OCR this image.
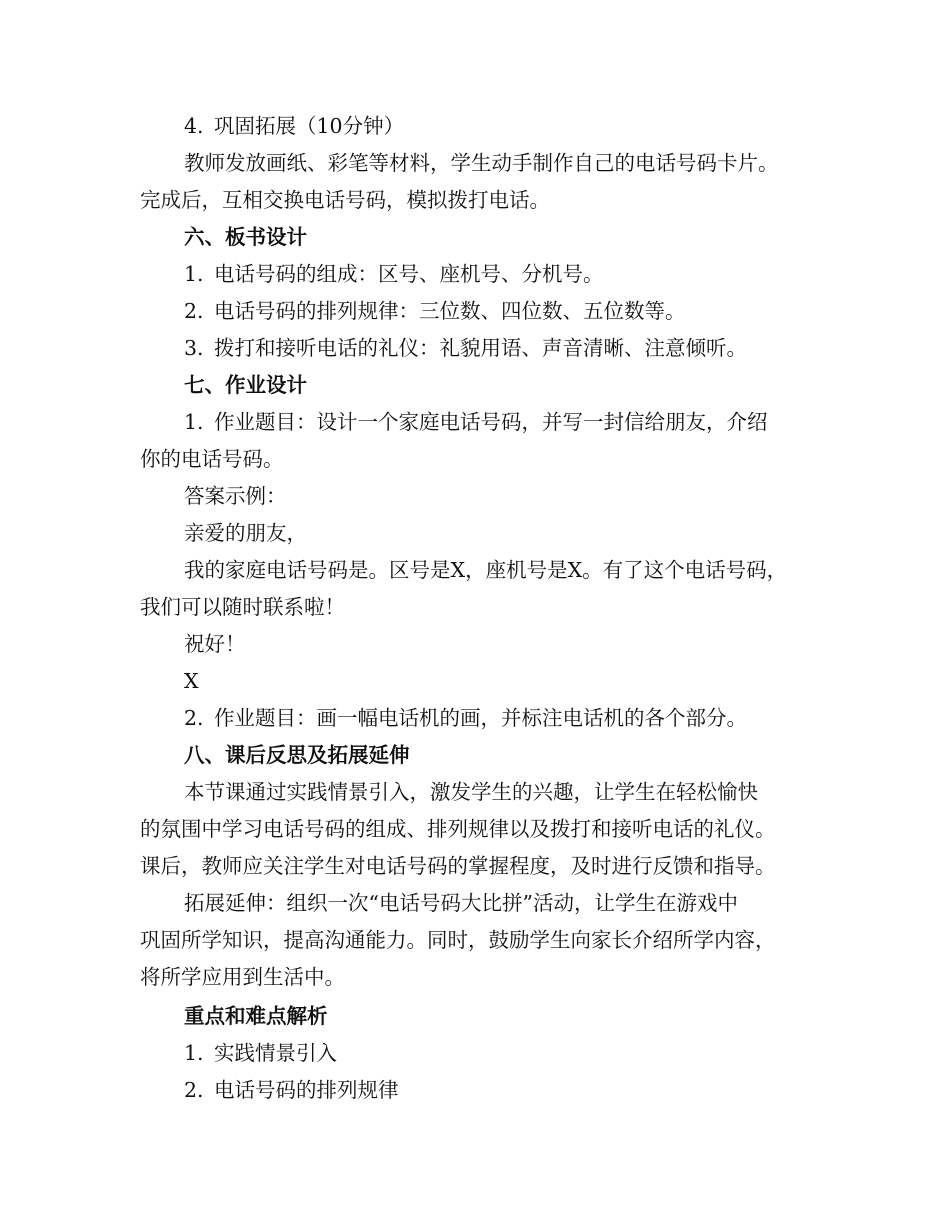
4. 巩固拓展（10分钟）
教师发放画纸、彩笔等材料，学生动手制作自己的电话号码卡片。
完成后，互相交换电话号码，模拟拨打电话。
六、板书设计
1. 电话号码的组成：区号、座机号、分机号。
2. 电话号码的排列规律：三位数、四位数、五位数等。
3. 拨打和接听电话的礼仪：礼貌用语、声音清晰、注意倾听。
七、作业设计
1. 作业题目：设计一个家庭电话号码，并写一封信给朋友，介绍
你的电话号码。
答案示例：
亲爱的朋友，
我的家庭电话号码是。区号是X，座机号是X。有了这个电话号码，
我们可以随时联系啦！
祝好！
X
2. 作业题目：画一幅电话机的画，并标注电话机的各个部分。
八、课后反思及拓展延伸
本节课通过实践情景引入，激发学生的兴趣，让学生在轻松愉快
的氛围中学习电话号码的组成、排列规律以及拨打和接听电话的礼仪。
课后，教师应关注学生对电话号码的掌握程度，及时进行反馈和指导。
拓展延伸：组织一次“电话号码大比拼”活动，让学生在游戏中
巩固所学知识，提高沟通能力。同时，鼓励学生向家长介绍所学内容，
将所学应用到生活中。
重点和难点解析
1. 实践情景引入
2. 电话号码的排列规律
